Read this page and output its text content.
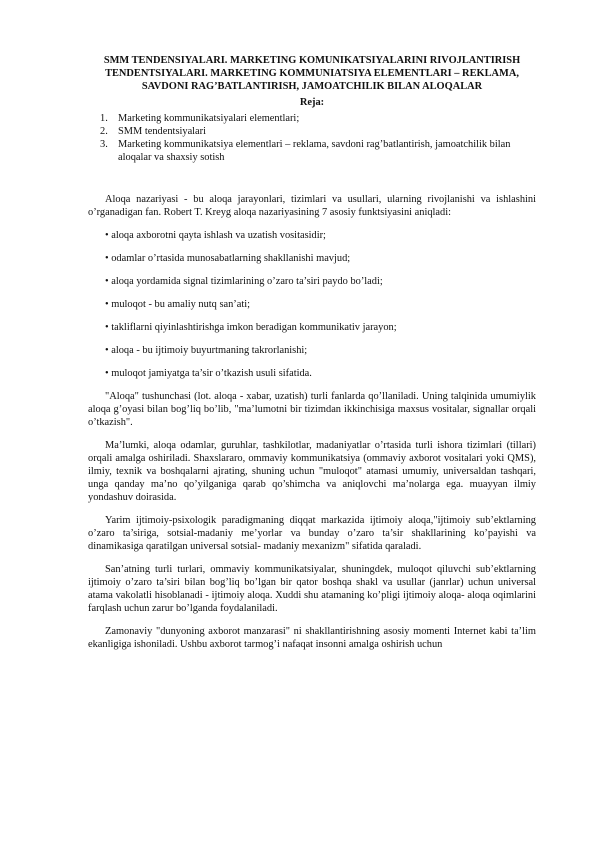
SMM TENDENSIYALARI. MARKETING KOMUNIKATSIYALARINI RIVOJLANTIRISH TENDENTSIYALARI. MARKETING KOMMUNIATSIYA ELEMENTLARI – REKLAMA, SAVDONI RAG’BATLANTIRISH, JAMOATCHILIK BILAN ALOQALAR
Reja:
1. Marketing kommunikatsiyalari elementlari;
2. SMM tendentsiyalari
3. Marketing kommunikatsiya elementlari – reklama, savdoni rag’batlantirish, jamoatchilik bilan aloqalar va shaxsiy sotish

Aloqa nazariyasi - bu aloqa jarayonlari, tizimlari va usullari, ularning rivojlanishi va ishlashini o’rganadigan fan. Robert T. Kreyg aloqa nazariyasining 7 asosiy funktsiyasini aniqladi:

• aloqa axborotni qayta ishlash va uzatish vositasidir;

• odamlar o’rtasida munosabatlarning shakllanishi mavjud;

• aloqa yordamida signal tizimlarining o’zaro ta’siri paydo bo’ladi;

• muloqot - bu amaliy nutq san’ati;

• takliflarni qiyinlashtirishga imkon beradigan kommunikativ jarayon;

• aloqa - bu ijtimoiy buyurtmaning takrorlanishi;

• muloqot jamiyatga ta’sir o’tkazish usuli sifatida.

"Aloqa" tushunchasi (lot. aloqa - xabar, uzatish) turli fanlarda qo’llaniladi. Uning talqinida umumiylik aloqa g’oyasi bilan bog’liq bo’lib, "ma’lumotni bir tizimdan ikkinchisiga maxsus vositalar, signallar orqali o’tkazish".

Ma’lumki, aloqa odamlar, guruhlar, tashkilotlar, madaniyatlar o’rtasida turli ishora tizimlari (tillari) orqali amalga oshiriladi. Shaxslararo, ommaviy kommunikatsiya (ommaviy axborot vositalari yoki QMS), ilmiy, texnik va boshqalarni ajrating, shuning uchun "muloqot" atamasi umumiy, universaldan tashqari, unga qanday ma’no qo’yilganiga qarab qo’shimcha va aniqlovchi ma’nolarga ega. muayyan ilmiy yondashuv doirasida.

Yarim ijtimoiy-psixologik paradigmaning diqqat markazida ijtimoiy aloqa,"ijtimoiy sub’ektlarning o’zaro ta’siriga, sotsial-madaniy me’yorlar va bunday o’zaro ta’sir shakllarining ko’payishi va dinamikasiga qaratilgan universal sotsial- madaniy mexanizm" sifatida qaraladi.

San’atning turli turlari, ommaviy kommunikatsiyalar, shuningdek, muloqot qiluvchi sub’ektlarning ijtimoiy o’zaro ta’siri bilan bog’liq bo’lgan bir qator boshqa shakl va usullar (janrlar) uchun universal atama vakolatli hisoblanadi - ijtimoiy aloqa. Xuddi shu atamaning ko’pligi ijtimoiy aloqa- aloqa oqimlarini farqlash uchun zarur bo’lganda foydalaniladi.

Zamonaviy "dunyoning axborot manzarasi" ni shakllantirishning asosiy momenti Internet kabi ta’lim ekanligiga ishoniladi. Ushbu axborot tarmog’i nafaqat insonni amalga oshirish uchun
